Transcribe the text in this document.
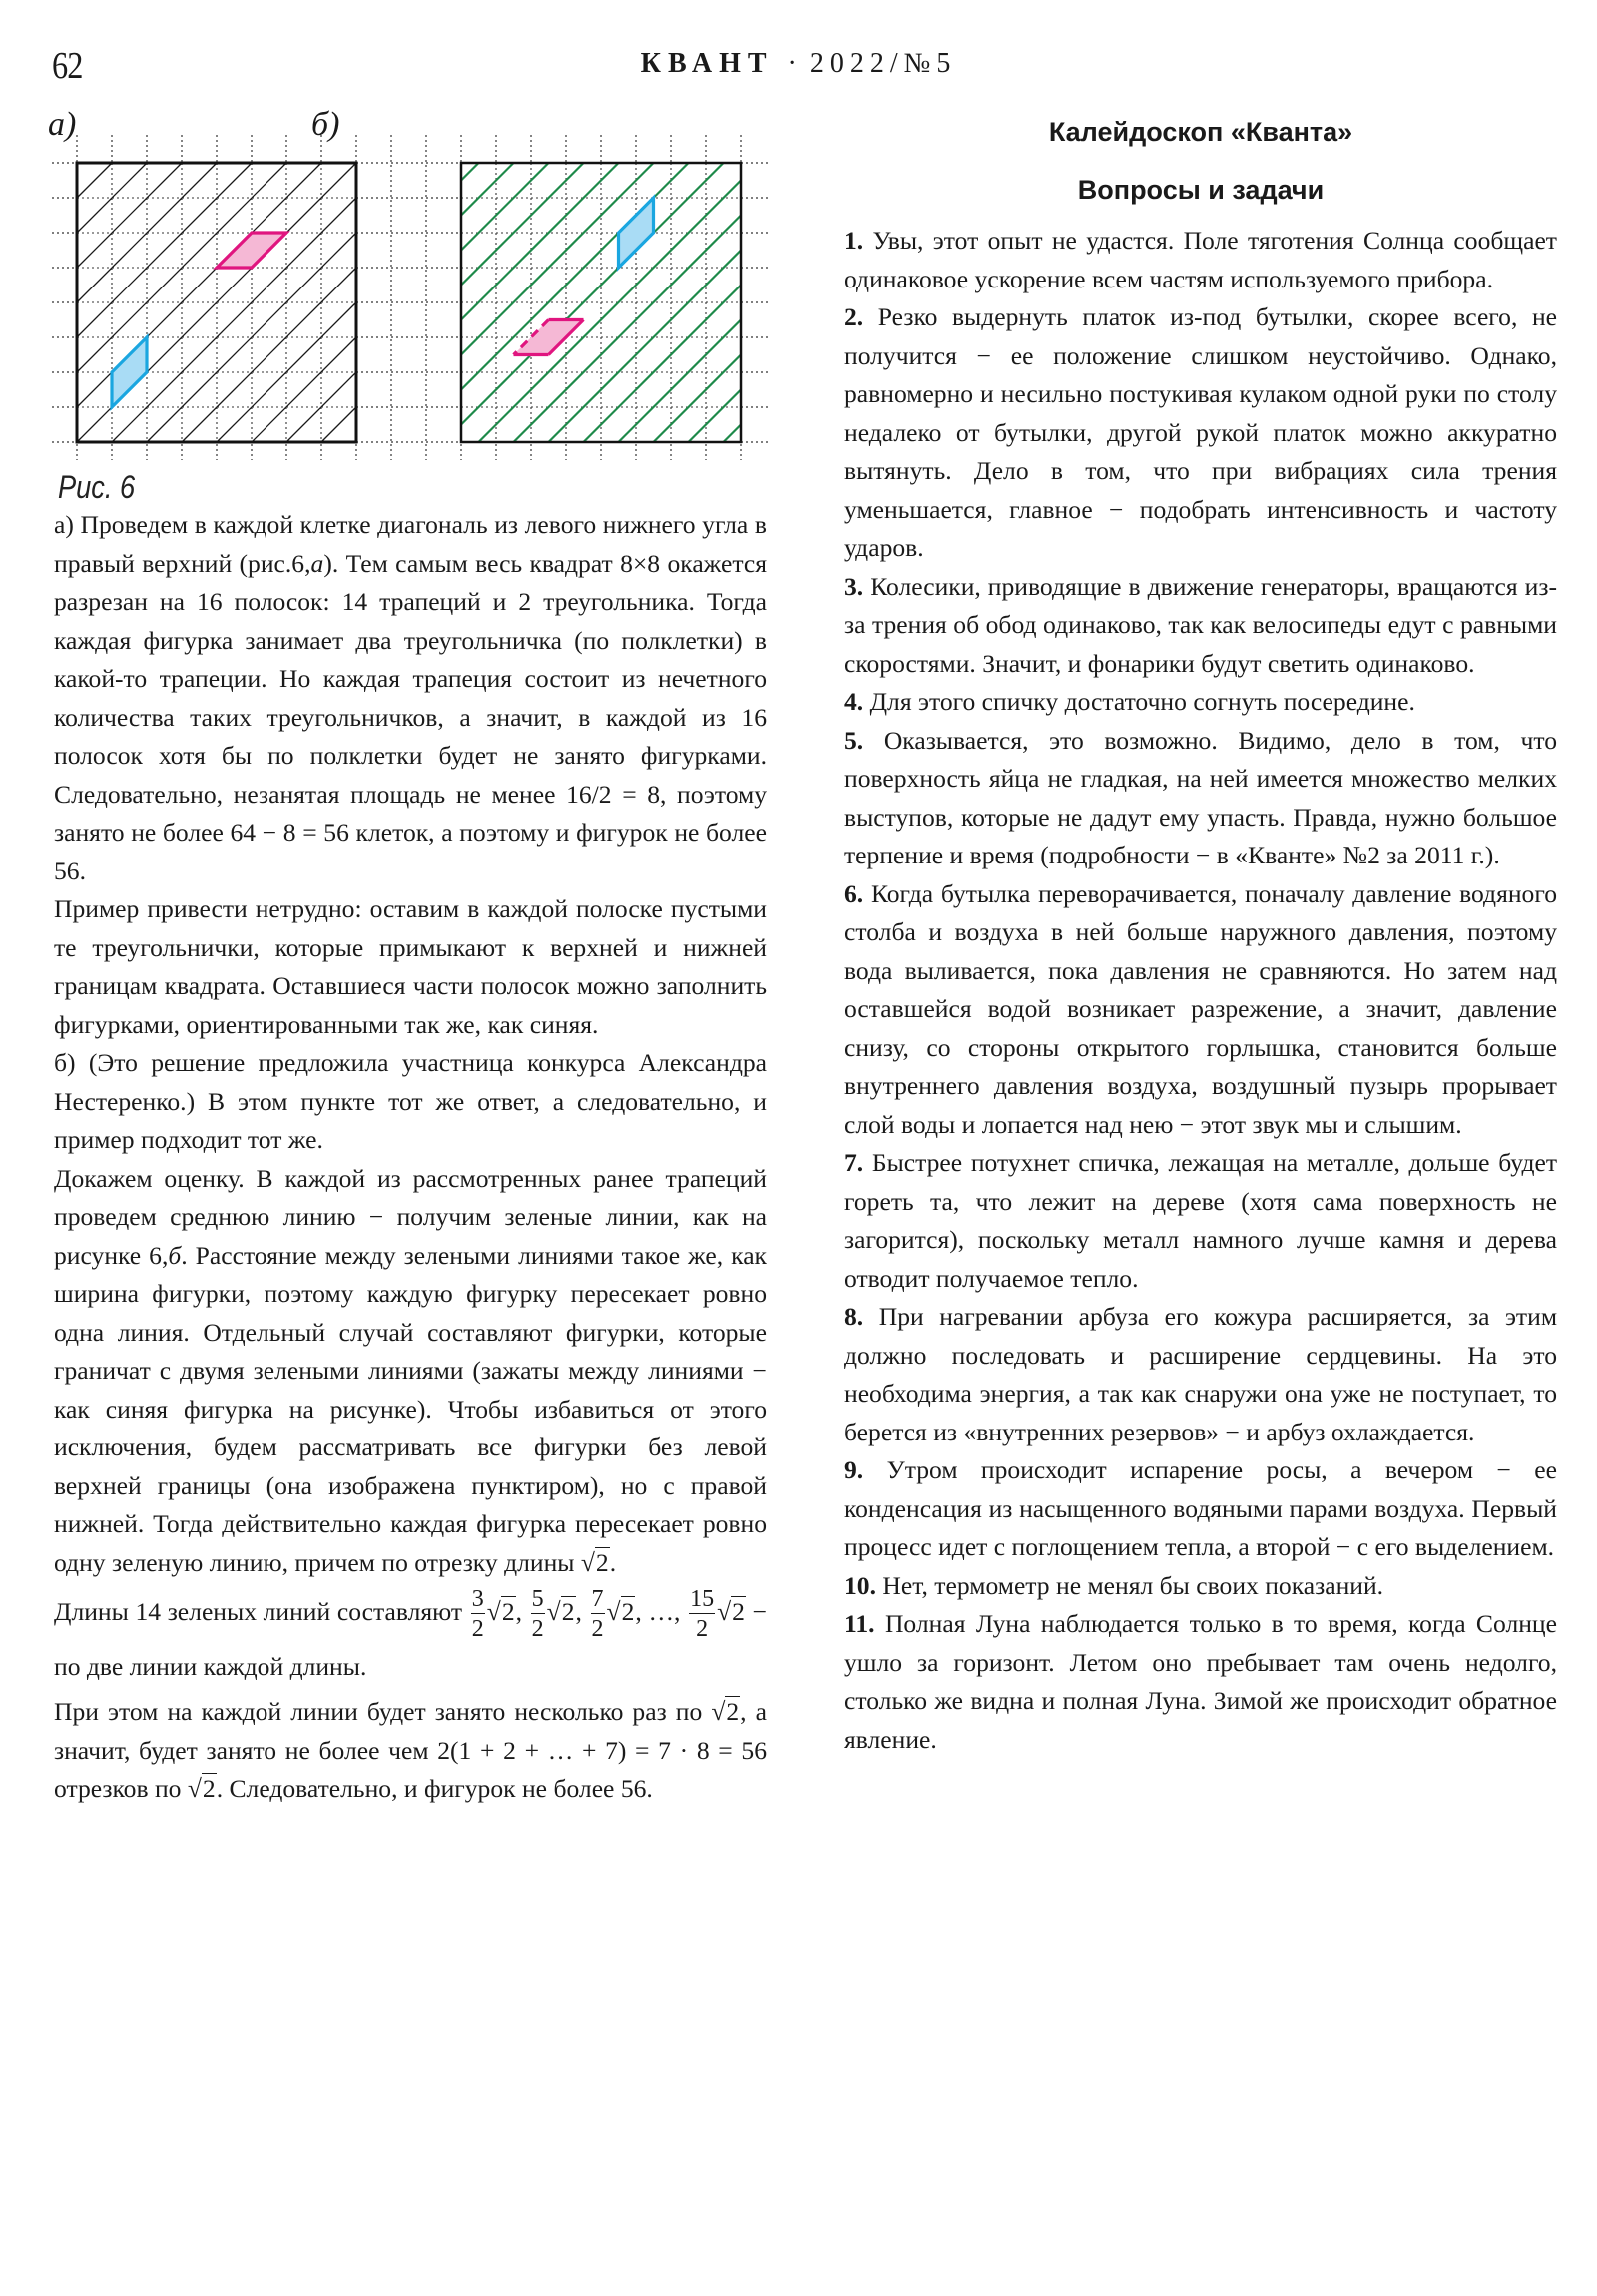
62	КВАНТ · 2022/№5
а)	б)
Рис. 6

а) Проведем в каждой клетке диагональ из левого нижнего угла в правый верхний (рис.6,а). Тем самым весь квадрат 8×8 окажется разрезан на 16 полосок: 14 трапеций и 2 треугольника. Тогда каждая фигурка занимает два треугольничка (по полклетки) в какой-то трапеции. Но каждая трапеция состоит из нечетного количества таких треугольничков, а значит, в каждой из 16 полосок хотя бы по полклетки будет не занято фигурками. Следовательно, незанятая площадь не менее 16/2 = 8, поэтому занято не более 64 − 8 = 56 клеток, а поэтому и фигурок не более 56.

Пример привести нетрудно: оставим в каждой полоске пустыми те треугольнички, которые примыкают к верхней и нижней границам квадрата. Оставшиеся части полосок можно заполнить фигурками, ориентированными так же, как синяя.

б) (Это решение предложила участница конкурса Александра Нестеренко.) В этом пункте тот же ответ, а следовательно, и пример подходит тот же.

Докажем оценку. В каждой из рассмотренных ранее трапеций проведем среднюю линию − получим зеленые линии, как на рисунке 6,б. Расстояние между зелеными линиями такое же, как ширина фигурки, поэтому каждую фигурку пересекает ровно одна линия. Отдельный случай составляют фигурки, которые граничат с двумя зелеными линиями (зажаты между линиями − как синяя фигурка на рисунке). Чтобы избавиться от этого исключения, будем рассматривать все фигурки без левой верхней границы (она изображена пунктиром), но с правой нижней. Тогда действительно каждая фигурка пересекает ровно одну зеленую линию, причем по отрезку длины √2.

Длины 14 зеленых линий составляют $\frac{3}{2} √2$, $\frac{5}{2} √2$, $\frac{7}{2} √2$, …, $\frac{15}{2} √2$ − по две линии каждой длины.

При этом на каждой линии будет занято несколько раз по √2, а значит, будет занято не более чем 2(1 + 2 + … + 7) = 7 · 8 = 56 отрезков по √2. Следовательно, и фигурок не более 56.

Калейдоскоп «Кванта»
Вопросы и задачи

1. Увы, этот опыт не удастся. Поле тяготения Солнца сообщает одинаковое ускорение всем частям используемого прибора.

2. Резко выдернуть платок из-под бутылки, скорее всего, не получится − ее положение слишком неустойчиво. Однако, равномерно и несильно постукивая кулаком одной руки по столу недалеко от бутылки, другой рукой платок можно аккуратно вытянуть. Дело в том, что при вибрациях сила трения уменьшается, главное − подобрать интенсивность и частоту ударов.

3. Колесики, приводящие в движение генераторы, вращаются из-за трения об обод одинаково, так как велосипеды едут с равными скоростями. Значит, и фонарики будут светить одинаково.

4. Для этого спичку достаточно согнуть посередине.

5. Оказывается, это возможно. Видимо, дело в том, что поверхность яйца не гладкая, на ней имеется множество мелких выступов, которые не дадут ему упасть. Правда, нужно большое терпение и время (подробности − в «Кванте» №2 за 2011 г.).

6. Когда бутылка переворачивается, поначалу давление водяного столба и воздуха в ней больше наружного давления, поэтому вода выливается, пока давления не сравняются. Но затем над оставшейся водой возникает разрежение, а значит, давление снизу, со стороны открытого горлышка, становится больше внутреннего давления воздуха, воздушный пузырь прорывает слой воды и лопается над нею − этот звук мы и слышим.

7. Быстрее потухнет спичка, лежащая на металле, дольше будет гореть та, что лежит на дереве (хотя сама поверхность не загорится), поскольку металл намного лучше камня и дерева отводит получаемое тепло.

8. При нагревании арбуза его кожура расширяется, за этим должно последовать и расширение сердцевины. На это необходима энергия, а так как снаружи она уже не поступает, то берется из «внутренних резервов» − и арбуз охлаждается.

9. Утром происходит испарение росы, а вечером − ее конденсация из насыщенного водяными парами воздуха. Первый процесс идет с поглощением тепла, а второй − с его выделением.

10. Нет, термометр не менял бы своих показаний.

11. Полная Луна наблюдается только в то время, когда Солнце ушло за горизонт. Летом оно пребывает там очень недолго, столько же видна и полная Луна. Зимой же происходит обратное явление.
